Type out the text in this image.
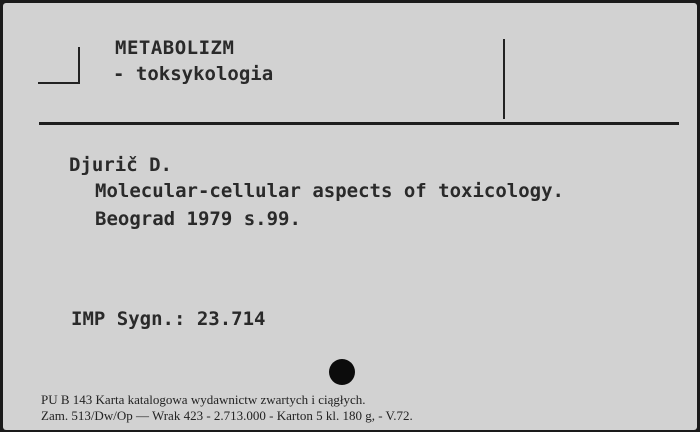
METABOLIZM
- toksykologia
Djurič D.
Molecular-cellular aspects of toxicology.
Beograd 1979 s.99.
IMP Sygn.: 23.714
PU B 143 Karta katalogowa wydawnictw zwartych i ciągłych.
Zam. 513/Dw/Op — Wrak 423 - 2.713.000 - Karton 5 kl. 180 g, - V.72.
